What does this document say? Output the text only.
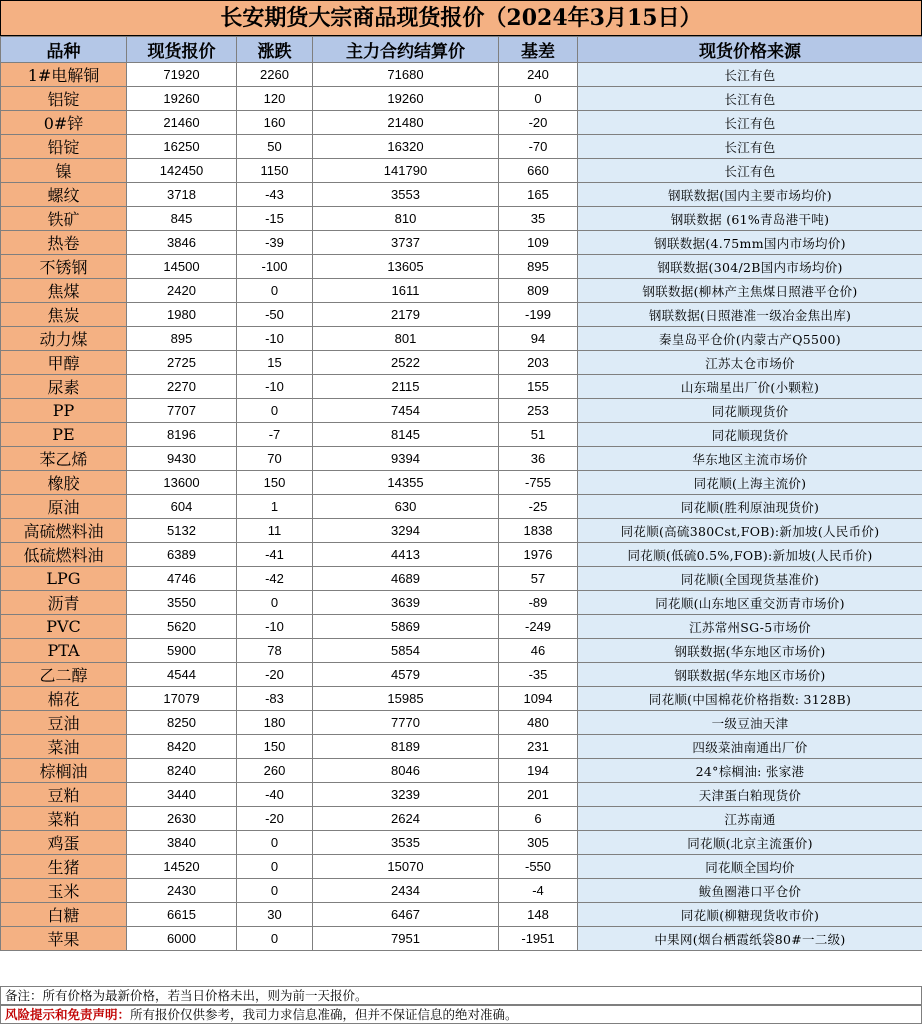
长安期货大宗商品现货报价（2024年3月15日）
品种	现货报价	涨跌	主力合约结算价	基差	现货价格来源
1#电解铜	71920	2260	71680	240	长江有色
铝锭	19260	120	19260	0	长江有色
0#锌	21460	160	21480	-20	长江有色
铅锭	16250	50	16320	-70	长江有色
镍	142450	1150	141790	660	长江有色
螺纹	3718	-43	3553	165	钢联数据(国内主要市场均价)
铁矿	845	-15	810	35	钢联数据 (61%青岛港干吨)
热卷	3846	-39	3737	109	钢联数据(4.75mm国内市场均价)
不锈钢	14500	-100	13605	895	钢联数据(304/2B国内市场均价)
焦煤	2420	0	1611	809	钢联数据(柳林产主焦煤日照港平仓价)
焦炭	1980	-50	2179	-199	钢联数据(日照港准一级冶金焦出库)
动力煤	895	-10	801	94	秦皇岛平仓价(内蒙古产Q5500)
甲醇	2725	15	2522	203	江苏太仓市场价
尿素	2270	-10	2115	155	山东瑞星出厂价(小颗粒)
PP	7707	0	7454	253	同花顺现货价
PE	8196	-7	8145	51	同花顺现货价
苯乙烯	9430	70	9394	36	华东地区主流市场价
橡胶	13600	150	14355	-755	同花顺(上海主流价)
原油	604	1	630	-25	同花顺(胜利原油现货价)
高硫燃料油	5132	11	3294	1838	同花顺(高硫380Cst,FOB):新加坡(人民币价)
低硫燃料油	6389	-41	4413	1976	同花顺(低硫0.5%,FOB):新加坡(人民币价)
LPG	4746	-42	4689	57	同花顺(全国现货基准价)
沥青	3550	0	3639	-89	同花顺(山东地区重交沥青市场价)
PVC	5620	-10	5869	-249	江苏常州SG-5市场价
PTA	5900	78	5854	46	钢联数据(华东地区市场价)
乙二醇	4544	-20	4579	-35	钢联数据(华东地区市场价)
棉花	17079	-83	15985	1094	同花顺(中国棉花价格指数: 3128B)
豆油	8250	180	7770	480	一级豆油天津
菜油	8420	150	8189	231	四级菜油南通出厂价
棕榈油	8240	260	8046	194	24°棕榈油: 张家港
豆粕	3440	-40	3239	201	天津蛋白粕现货价
菜粕	2630	-20	2624	6	江苏南通
鸡蛋	3840	0	3535	305	同花顺(北京主流蛋价)
生猪	14520	0	15070	-550	同花顺全国均价
玉米	2430	0	2434	-4	鲅鱼圈港口平仓价
白糖	6615	30	6467	148	同花顺(柳糖现货收市价)
苹果	6000	0	7951	-1951	中果网(烟台栖霞纸袋80#一二级)
备注：所有价格为最新价格，若当日价格未出，则为前一天报价。
风险提示和免责声明：所有报价仅供参考，我司力求信息准确，但并不保证信息的绝对准确。
